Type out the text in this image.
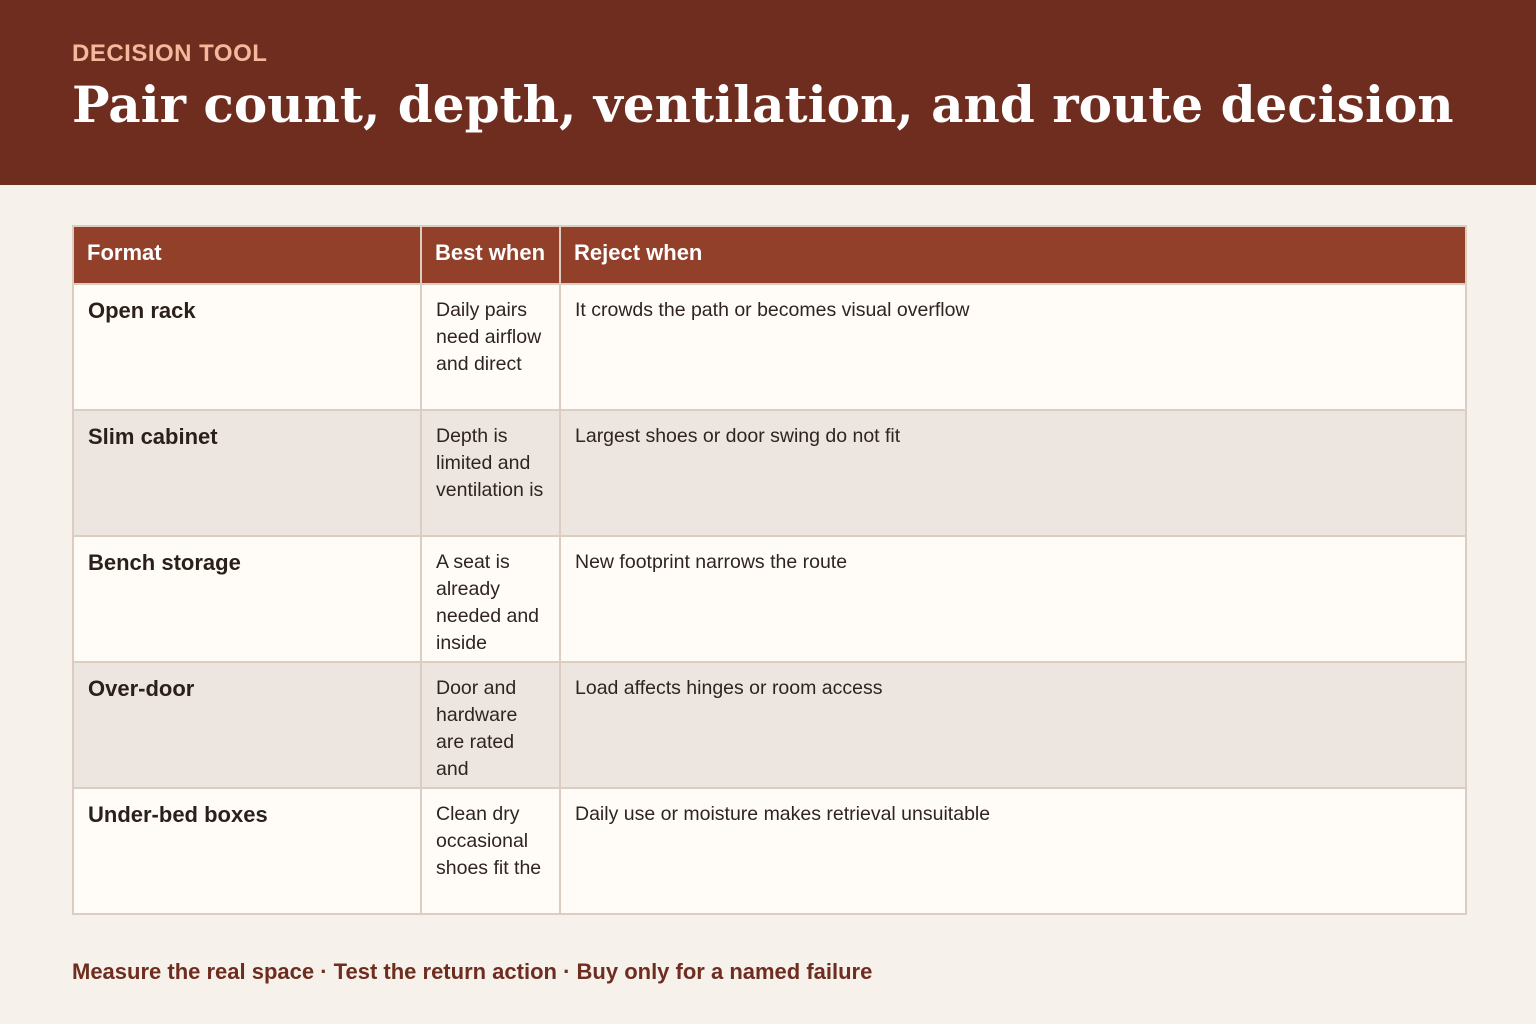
DECISION TOOL
Pair count, depth, ventilation, and route decision
Format	Best when	Reject when
Open rack	Daily pairs need airflow and direct	It crowds the path or becomes visual overflow
Slim cabinet	Depth is limited and ventilation is	Largest shoes or door swing do not fit
Bench storage	A seat is already needed and inside	New footprint narrows the route
Over-door	Door and hardware are rated and	Load affects hinges or room access
Under-bed boxes	Clean dry occasional shoes fit the	Daily use or moisture makes retrieval unsuitable
Measure the real space · Test the return action · Buy only for a named failure
